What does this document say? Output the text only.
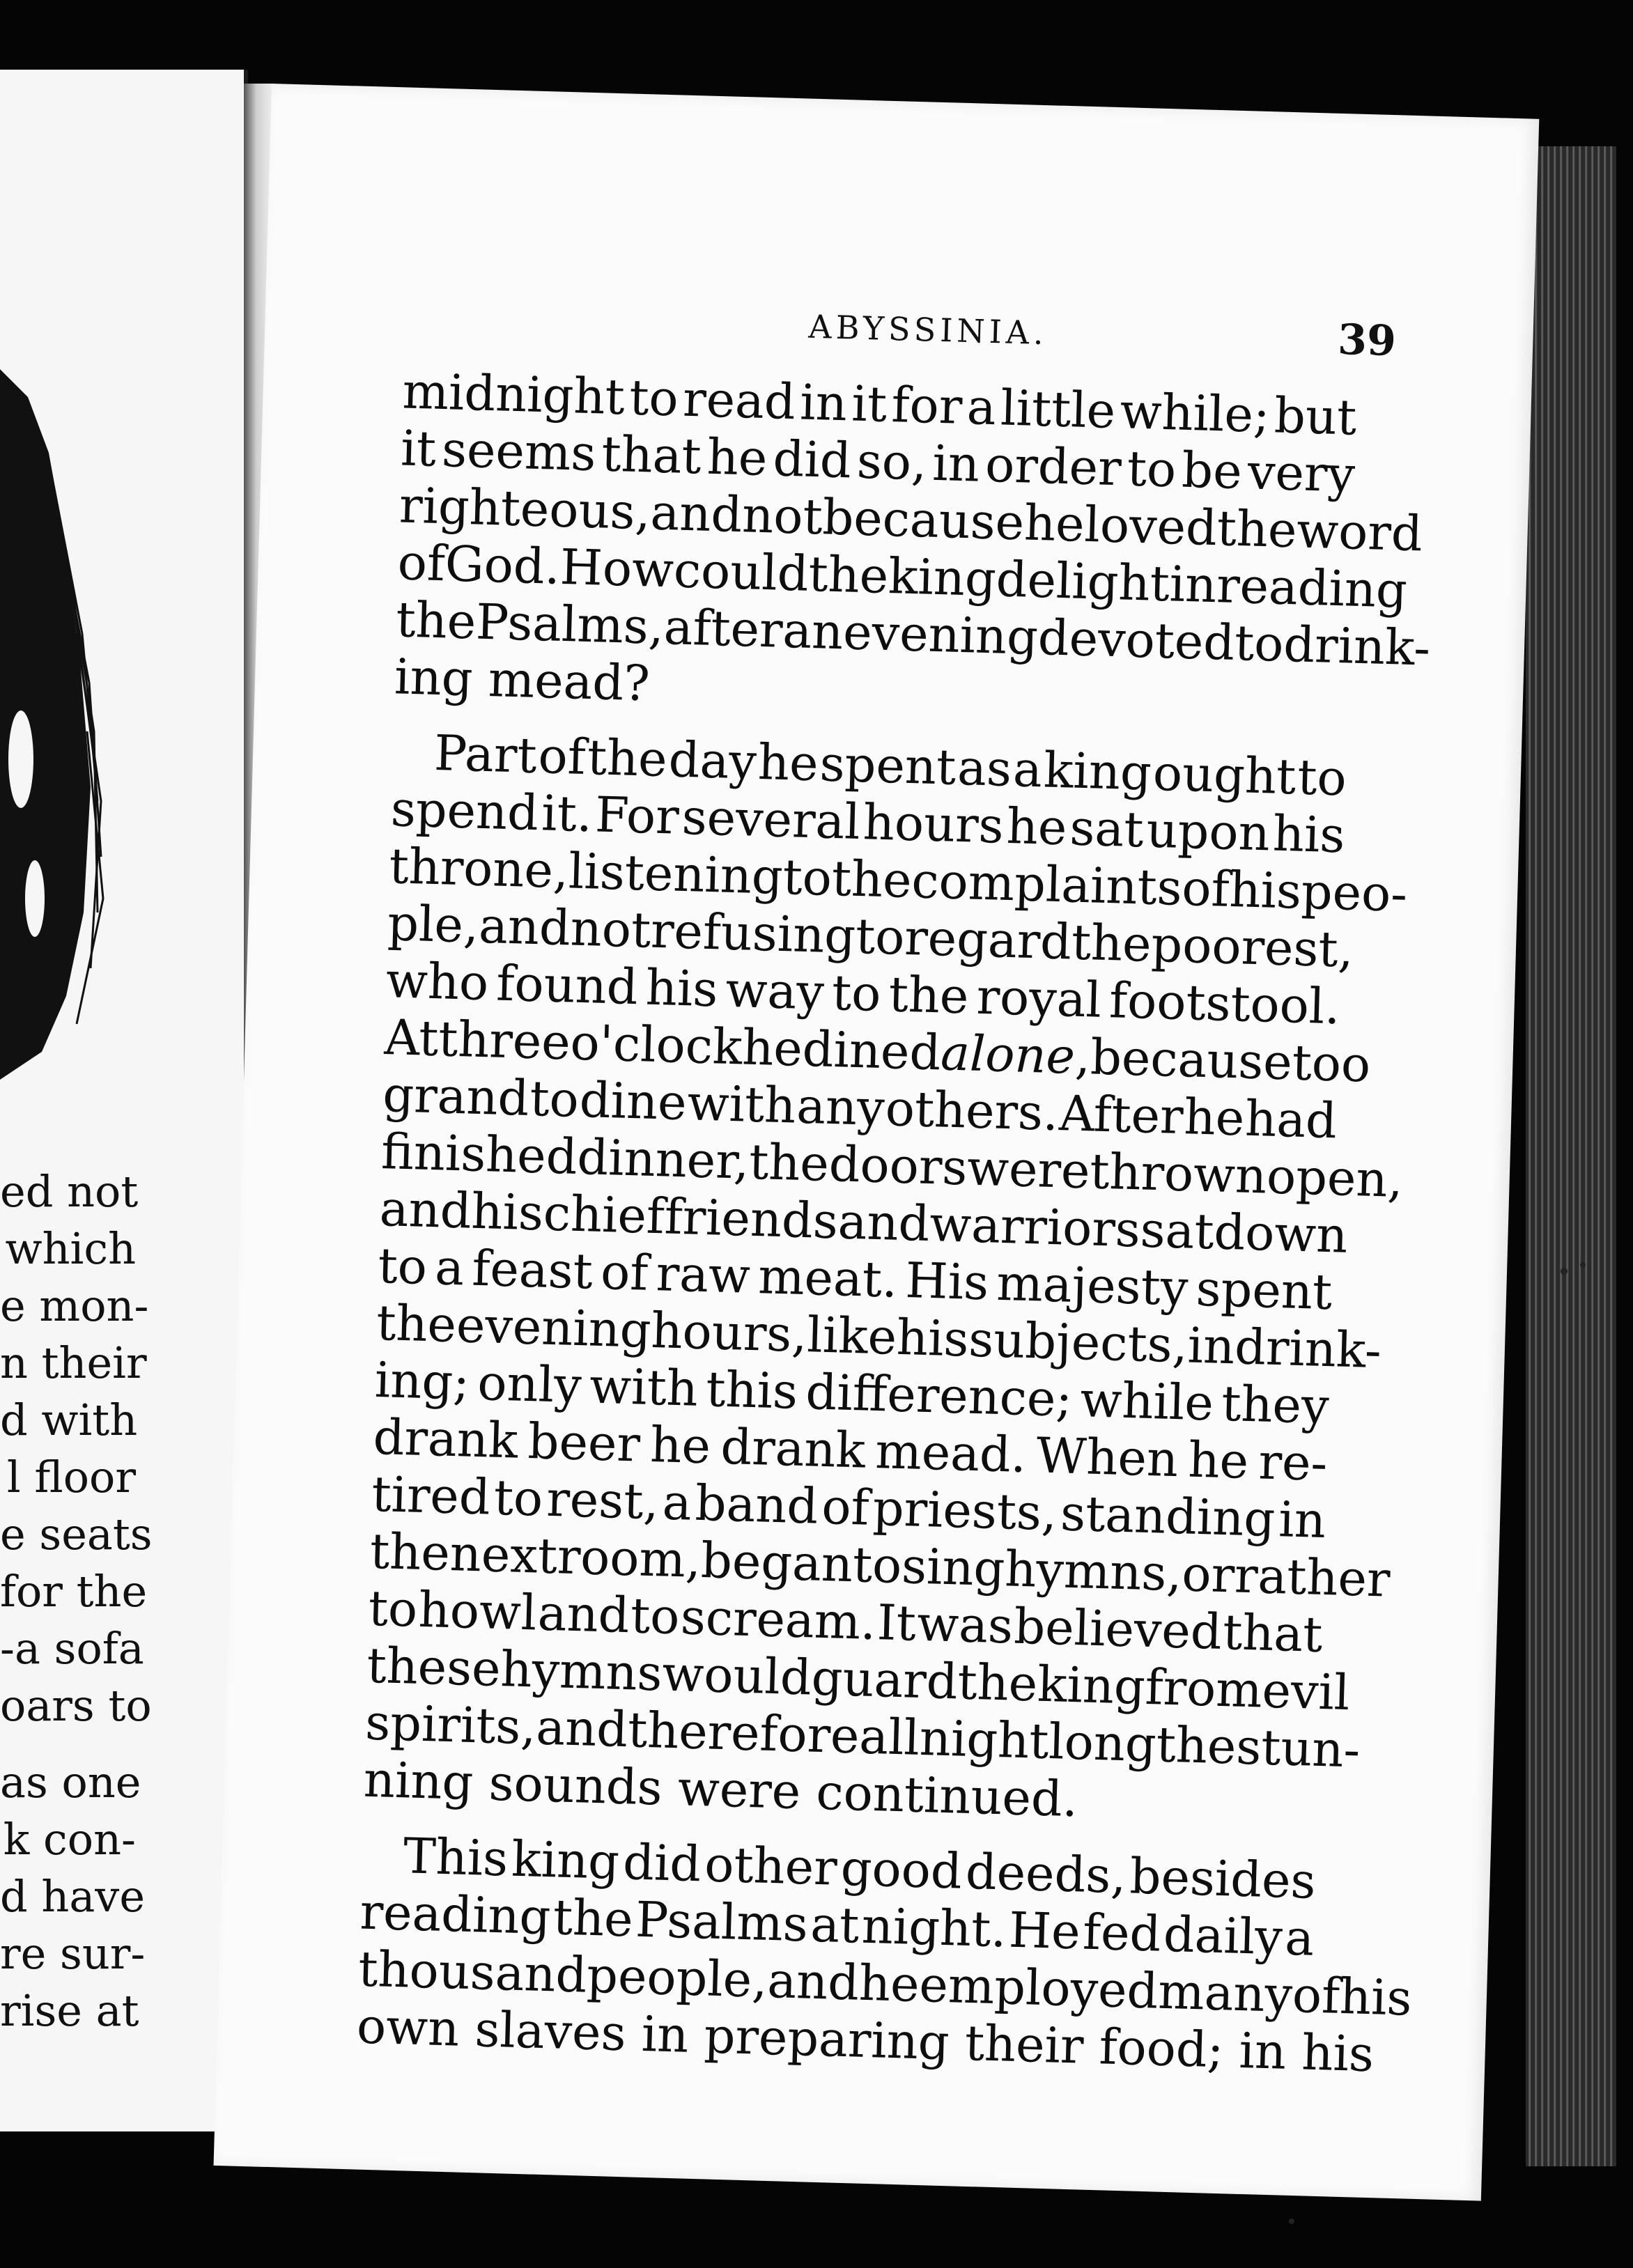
ed not
which
e mon-
n their
d with
l floor
e seats
for the
-a sofa
oars to
as one
k con-
d have
re sur-
rise at
ABYSSINIA.	39
midnight to read in it for a little while; but
it seems that he did so, in order to be very
righteous,
and
not
because
he
loved
the
word
of
God.
How
could
the
king
delight
in
reading
the
Psalms,
after
an
evening
devoted
to
drink-
ing mead?
Part of the day he spent as a king ought to
spend it. For several hours he sat upon his
throne,
listening
to
the
complaints
of
his
peo-
ple,
and
not
refusing
to
regard
the
poorest,
who found his way to the royal footstool.
At
three
o'clock
he
dined
alone,
because
too
grand
to
dine
with
any
others.
After
he
had
finished
dinner,
the
doors
were
thrown
open,
and
his
chief
friends
and
warriors
sat
down
to a feast of raw meat. His majesty spent
the
evening
hours,
like
his
subjects,
in
drink-
ing; only with this difference; while they
drank beer he drank mead. When he re-
tired to rest, a band of priests, standing in
the
next
room,
began
to
sing
hymns,
or
rather
to howl and to scream. It was believed that
these
hymns
would
guard
the
king
from
evil
spirits,
and
therefore
all
night
long
the
stun-
ning sounds were continued.
This king did other good deeds, besides
reading the Psalms at night. He fed daily a
thousand
people,
and
he
employed
many
of
his
own slaves in preparing their food; in his
